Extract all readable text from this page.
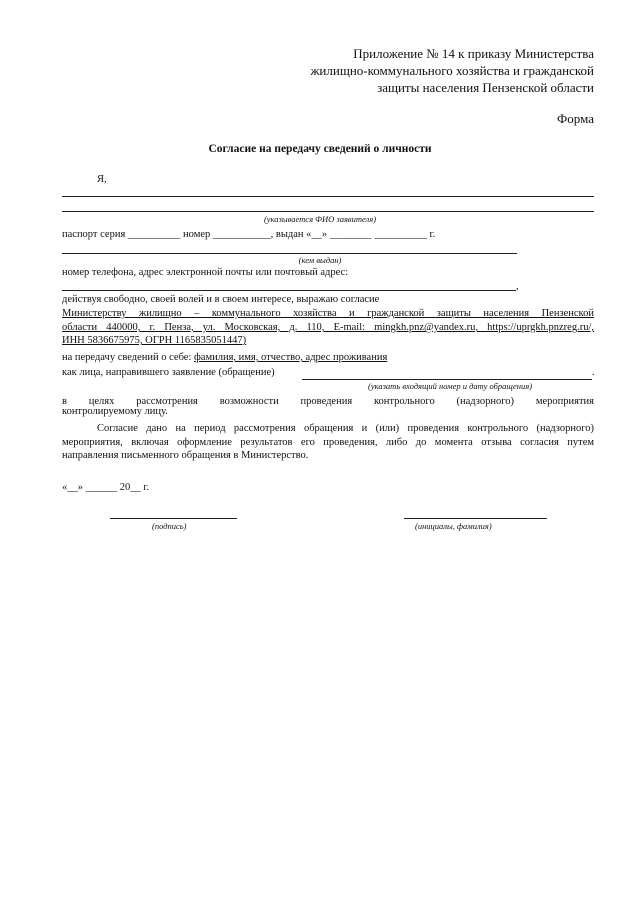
Приложение № 14 к приказу Министерства
жилищно-коммунального хозяйства и гражданской
защиты населения Пензенской области
Форма
Согласие на передачу сведений о личности
Я,
(указывается ФИО заявителя)
паспорт серия __________ номер ___________, выдан «__» ________ __________ г.
(кем выдан)
номер телефона, адрес электронной почты или почтовый адрес:
,
действуя свободно, своей волей и в своем интересе, выражаю согласие
Министерству жилищно – коммунального хозяйства и гражданской защиты населения Пензенской
области 440000, г. Пенза, ул. Московская, д. 110, E-mail: mingkh.pnz@yandex.ru, https://uprgkh.pnzreg.ru/,
ИНН 5836675975, ОГРН 1165835051447)
на передачу сведений о себе: фамилия, имя, отчество, адрес проживания
как лица, направившего заявление (обращение)	.
(указать входящий номер и дату обращения)
в целях рассмотрения возможности проведения контрольного (надзорного) мероприятия
контролируемому лицу.
Согласие дано на период рассмотрения обращения и (или) проведения контрольного (надзорного)
мероприятия, включая оформление результатов его проведения, либо до момента отзыва согласия путем
направления письменного обращения в Министерство.
«__» ______ 20__ г.
(подпись)	(инициалы, фамилия)
